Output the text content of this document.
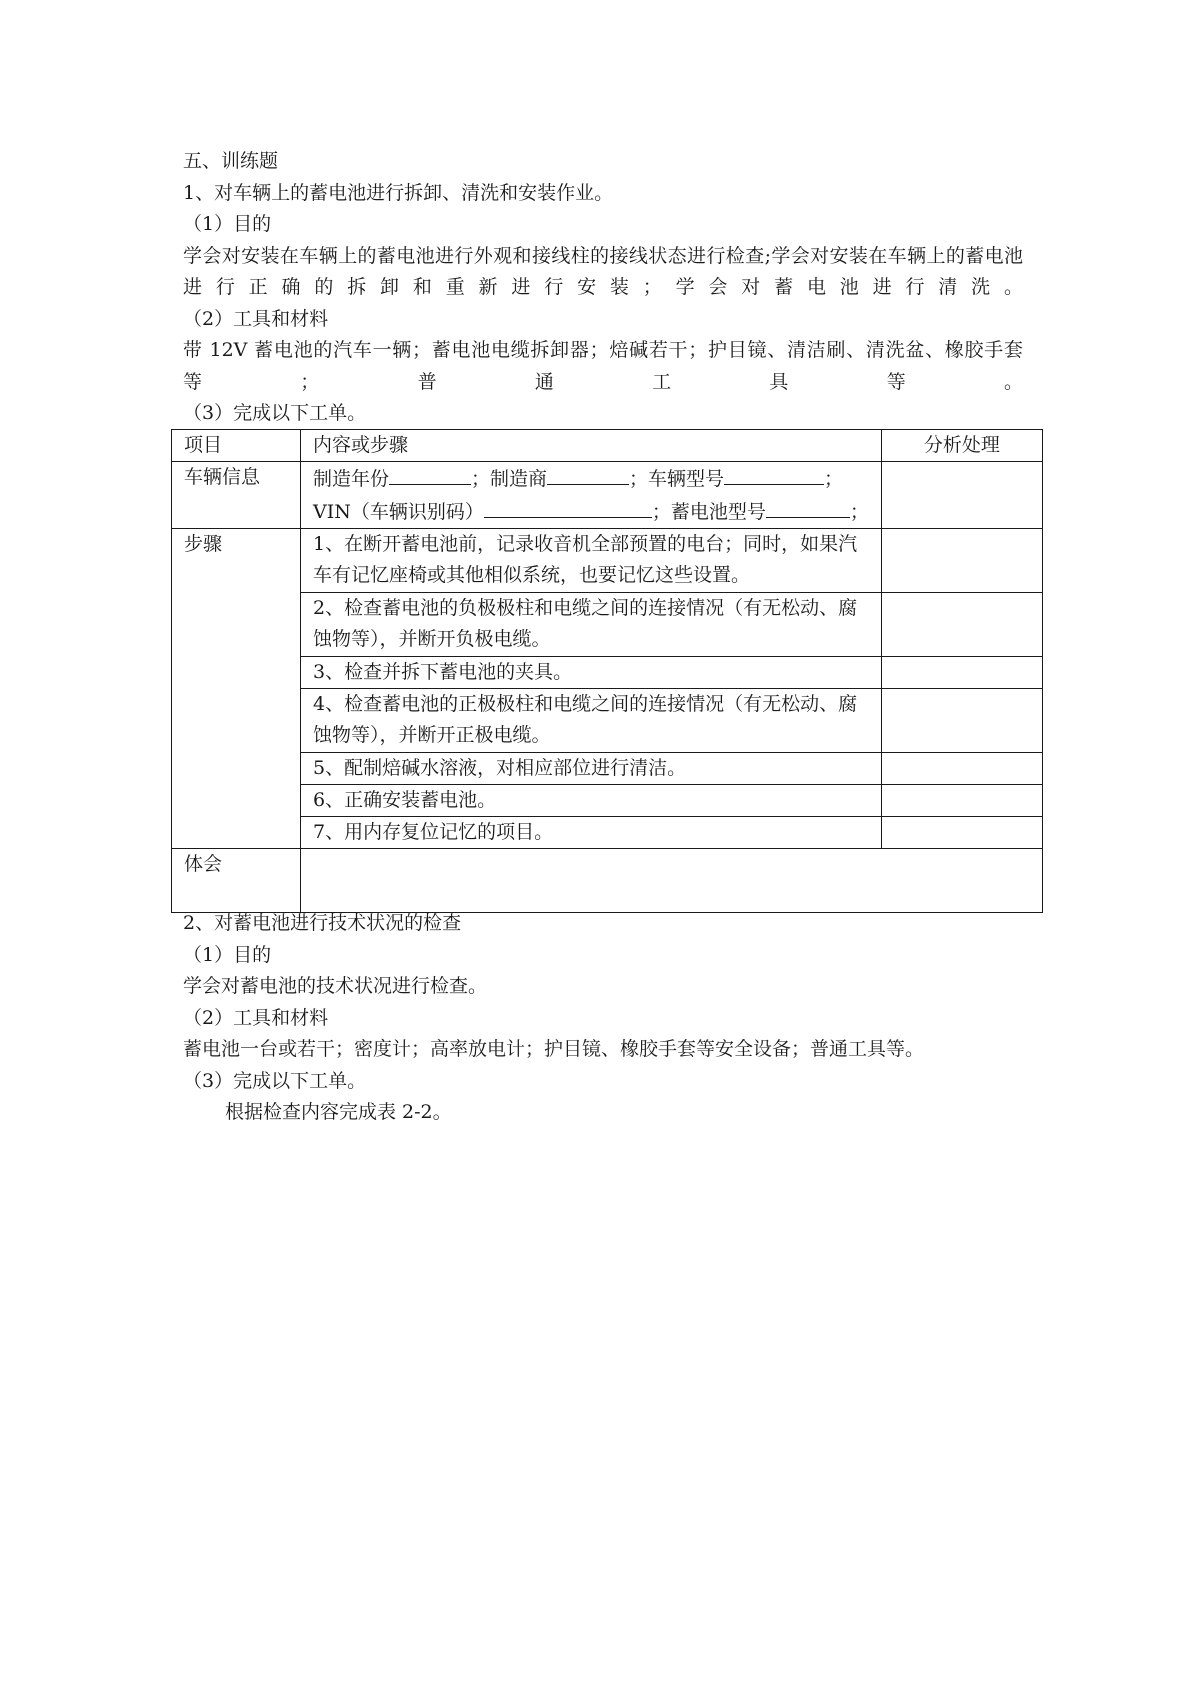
五、训练题
1、对车辆上的蓄电池进行拆卸、清洗和安装作业。
（1）目的
学会对安装在车辆上的蓄电池进行外观和接线柱的接线状态进行检查;学会对安装在车辆上的蓄电池进行正确的拆卸和重新进行安装；学会对蓄电池进行清洗。
（2）工具和材料
带 12V 蓄电池的汽车一辆；蓄电池电缆拆卸器；焙碱若干；护目镜、清洁刷、清洗盆、橡胶手套等；普通工具等。
（3）完成以下工单。
项目	内容或步骤	分析处理
车辆信息	制造年份 ；制造商 ；车辆型号 ；
VIN（车辆识别码） ；蓄电池型号 ；	

步骤	1、在断开蓄电池前，记录收音机全部预置的电台；同时，如果汽车有记忆座椅或其他相似系统，也要记忆这些设置。	
	2、检查蓄电池的负极极柱和电缆之间的连接情况（有无松动、腐蚀物等），并断开负极电缆。	
	3、检查并拆下蓄电池的夹具。	
	4、检查蓄电池的正极极柱和电缆之间的连接情况（有无松动、腐蚀物等），并断开正极电缆。	
	5、配制焙碱水溶液，对相应部位进行清洁。	
	6、正确安装蓄电池。	
	7、用内存复位记忆的项目。	
体会		
2、对蓄电池进行技术状况的检查
（1）目的
学会对蓄电池的技术状况进行检查。
（2）工具和材料
蓄电池一台或若干；密度计；高率放电计；护目镜、橡胶手套等安全设备；普通工具等。
（3）完成以下工单。
根据检查内容完成表 2-2。
